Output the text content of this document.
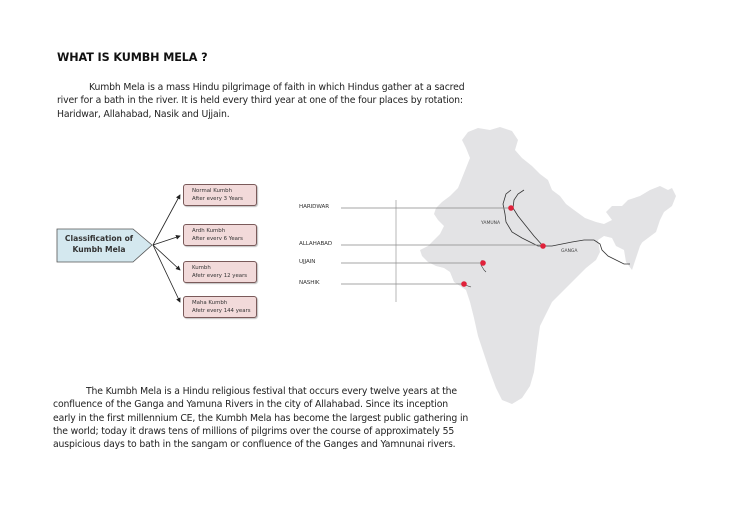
WHAT IS KUMBH MELA ?
Kumbh Mela is a mass Hindu pilgrimage of faith in which Hindus gather at a sacred river for a bath in the river. It is held every third year at one of the four places by rotation: Haridwar, Allahabad, Nasik and Ujjain.
Classification of Kumbh Mela
Normal Kumbh
After every 3 Years
Ardh Kumbh
After everv 6 Years
Kumbh
Afetr every 12 years
Maha Kumbh
Afetr every 144 years
HARIDWAR
ALLAHABAD
UJJAIN
NASHIK
YAMUNA
GANGA
The Kumbh Mela is a Hindu religious festival that occurs every twelve years at the confluence of the Ganga and Yamuna Rivers in the city of Allahabad. Since its inception early in the first millennium CE, the Kumbh Mela has become the largest public gathering in the world; today it draws tens of millions of pilgrims over the course of approximately 55 auspicious days to bath in the sangam or confluence of the Ganges and Yamnunai rivers.
